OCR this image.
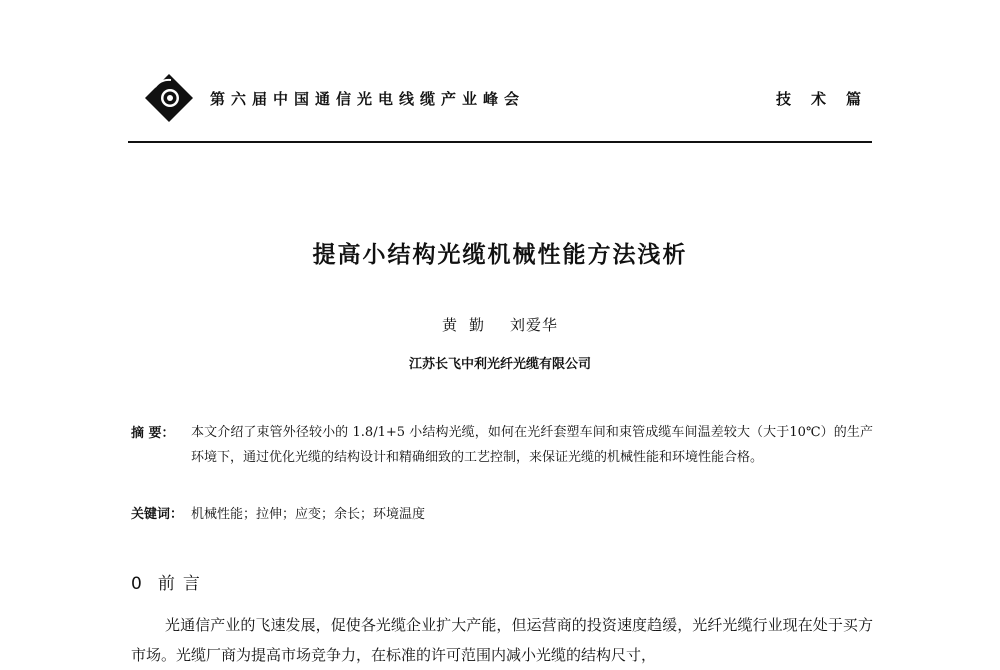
第六届中国通信光电线缆产业峰会	技术篇
提高小结构光缆机械性能方法浅析
黄勤 刘爱华
江苏长飞中利光纤光缆有限公司
摘 要： 本文介绍了束管外径较小的 1.8/1+5 小结构光缆，如何在光纤套塑车间和束管成缆车间温差较大（大于10℃）的生产环境下，通过优化光缆的结构设计和精确细致的工艺控制，来保证光缆的机械性能和环境性能合格。
关键词： 机械性能；拉伸；应变；余长；环境温度
0 前言
光通信产业的飞速发展，促使各光缆企业扩大产能，但运营商的投资速度趋缓，光纤光缆行业现在处于买方市场。光缆厂商为提高市场竞争力，在标准的许可范围内减小光缆的结构尺寸，
